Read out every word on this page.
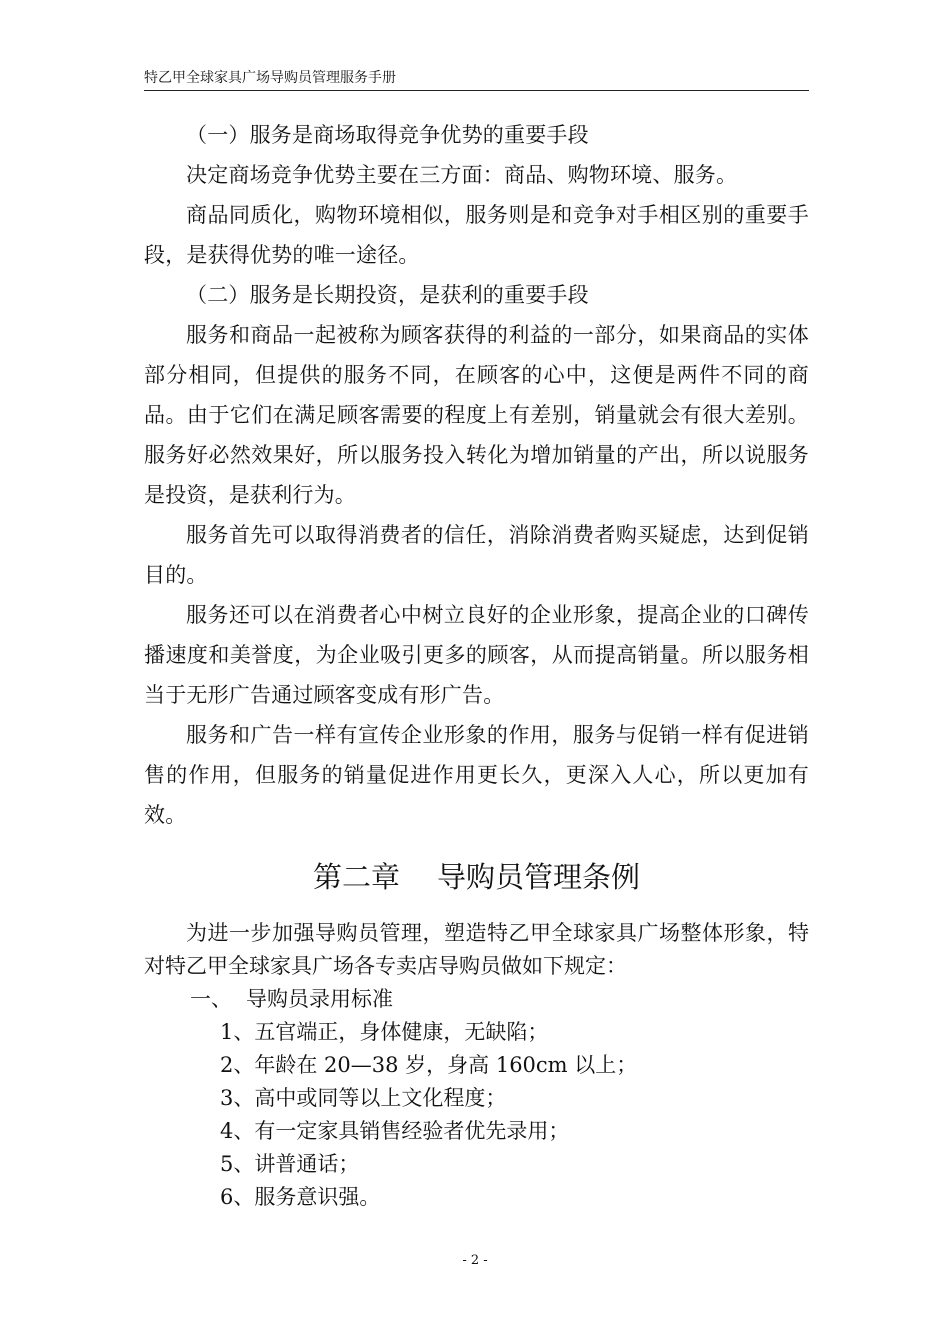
特乙甲全球家具广场导购员管理服务手册

（一）服务是商场取得竞争优势的重要手段

决定商场竞争优势主要在三方面：商品、购物环境、服务。

商品同质化，购物环境相似，服务则是和竞争对手相区别的重要手段，是获得优势的唯一途径。

（二）服务是长期投资，是获利的重要手段

服务和商品一起被称为顾客获得的利益的一部分，如果商品的实体部分相同，但提供的服务不同，在顾客的心中，这便是两件不同的商品。由于它们在满足顾客需要的程度上有差别，销量就会有很大差别。服务好必然效果好，所以服务投入转化为增加销量的产出，所以说服务是投资，是获利行为。

服务首先可以取得消费者的信任，消除消费者购买疑虑，达到促销目的。

服务还可以在消费者心中树立良好的企业形象，提高企业的口碑传播速度和美誉度，为企业吸引更多的顾客，从而提高销量。所以服务相当于无形广告通过顾客变成有形广告。

服务和广告一样有宣传企业形象的作用，服务与促销一样有促进销售的作用，但服务的销量促进作用更长久，更深入人心，所以更加有效。

第二章 导购员管理条例

为进一步加强导购员管理，塑造特乙甲全球家具广场整体形象，特对特乙甲全球家具广场各专卖店导购员做如下规定：

一、 导购员录用标准

1、五官端正，身体健康，无缺陷；

2、年龄在 20—38 岁，身高 160cm 以上；

3、高中或同等以上文化程度；

4、有一定家具销售经验者优先录用；

5、讲普通话；

6、服务意识强。

- 2 -
